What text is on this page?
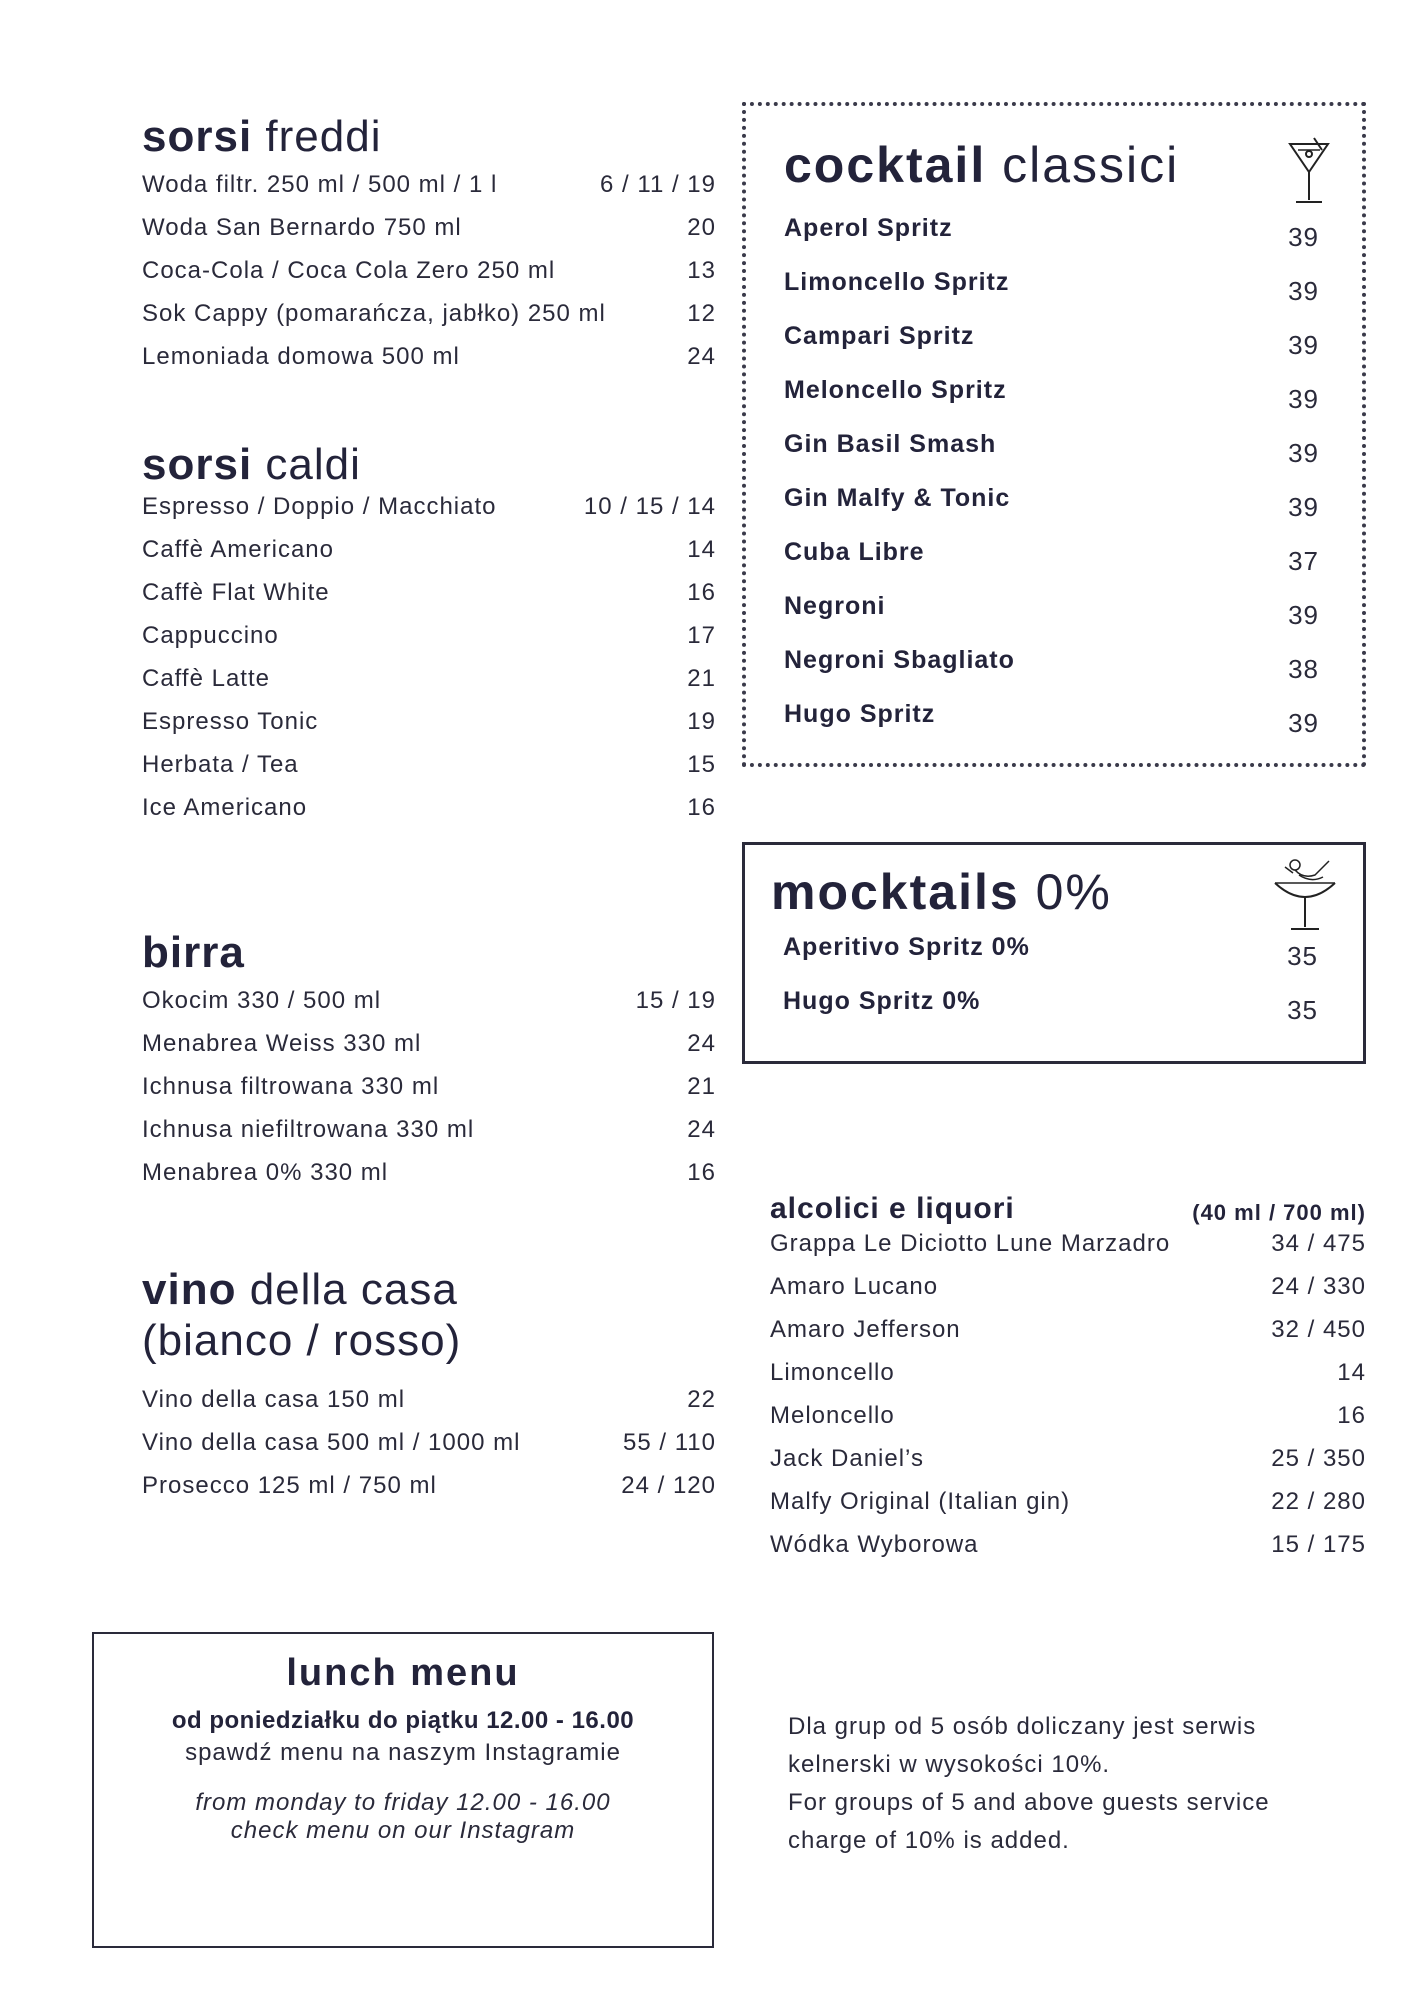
sorsi freddi
Woda filtr. 250 ml / 500 ml / 1 l	6 / 11 / 19
Woda San Bernardo 750 ml	20
Coca-Cola / Coca Cola Zero 250 ml	13
Sok Cappy (pomarańcza, jabłko) 250 ml	12
Lemoniada domowa 500 ml	24
sorsi caldi
Espresso / Doppio / Macchiato	10 / 15 / 14
Caffè Americano	14
Caffè Flat White	16
Cappuccino	17
Caffè Latte	21
Espresso Tonic	19
Herbata / Tea	15
Ice Americano	16
birra
Okocim 330 / 500 ml	15 / 19
Menabrea Weiss 330 ml	24
Ichnusa filtrowana 330 ml	21
Ichnusa niefiltrowana 330 ml	24
Menabrea 0% 330 ml	16
vino della casa
(bianco / rosso)
Vino della casa 150 ml	22
Vino della casa 500 ml / 1000 ml	55 / 110
Prosecco 125 ml / 750 ml	24 / 120
cocktail classici
Aperol Spritz	39
Limoncello Spritz	39
Campari Spritz	39
Meloncello Spritz	39
Gin Basil Smash	39
Gin Malfy & Tonic	39
Cuba Libre	37
Negroni	39
Negroni Sbagliato	38
Hugo Spritz	39
mocktails 0%
Aperitivo Spritz 0%	35
Hugo Spritz 0%	35
alcolici e liquori	(40 ml / 700 ml)
Grappa Le Diciotto Lune Marzadro	34 / 475
Amaro Lucano	24 / 330
Amaro Jefferson	32 / 450
Limoncello	14
Meloncello	16
Jack Daniel’s	25 / 350
Malfy Original (Italian gin)	22 / 280
Wódka Wyborowa	15 / 175
lunch menu
od poniedziałku do piątku 12.00 - 16.00
spawdź menu na naszym Instagramie
from monday to friday 12.00 - 16.00
check menu on our Instagram
Dla grup od 5 osób doliczany jest serwis
kelnerski w wysokości 10%.
For groups of 5 and above guests service
charge of 10% is added.
